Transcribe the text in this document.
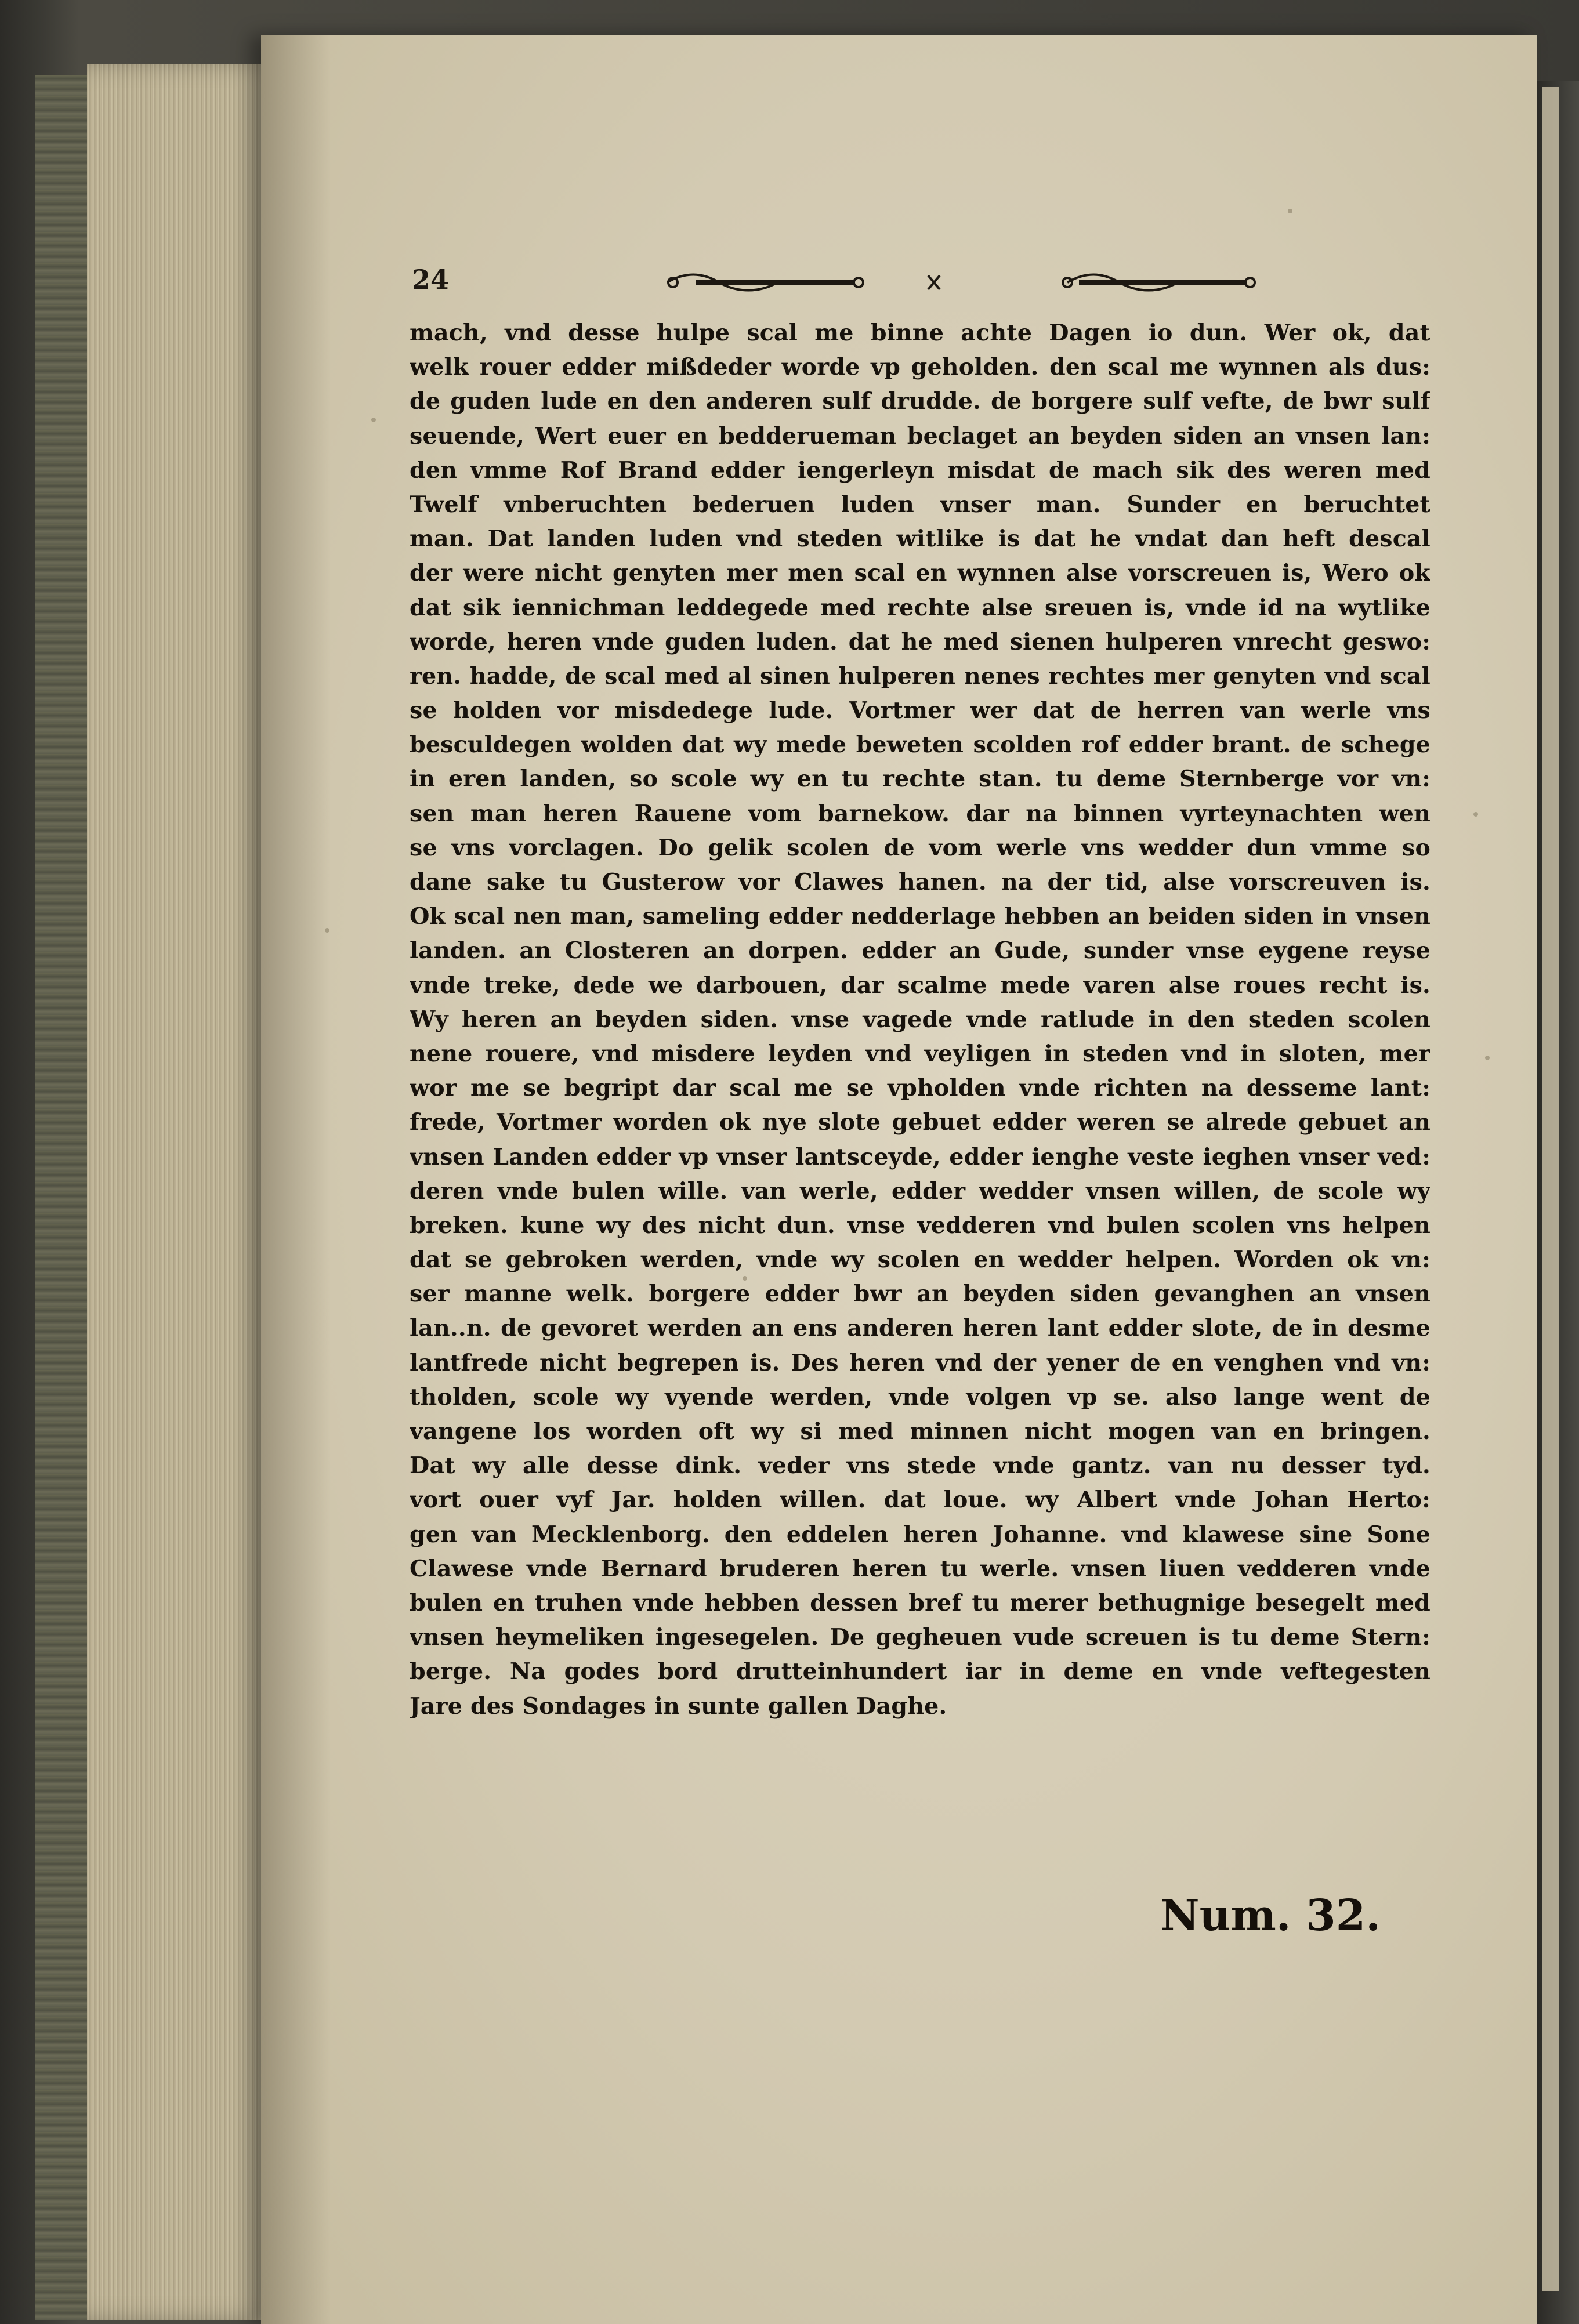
24
mach, vnd desse hulpe scal me binne achte Dagen io dun. Wer ok, dat
welk rouer edder mißdeder worde vp geholden. den scal me wynnen als dus:
de guden lude en den anderen sulf drudde. de borgere sulf vefte, de bwr sulf
seuende, Wert euer en bedderueman beclaget an beyden siden an vnsen lan:
den vmme Rof Brand edder iengerleyn misdat de mach sik des weren med
Twelf vnberuchten bederuen luden vnser man. Sunder en beruchtet
man. Dat landen luden vnd steden witlike is dat he vndat dan heft descal
der were nicht genyten mer men scal en wynnen alse vorscreuen is, Wero ok
dat sik iennichman leddegede med rechte alse sreuen is, vnde id na wytlike
worde, heren vnde guden luden. dat he med sienen hulperen vnrecht geswo:
ren. hadde, de scal med al sinen hulperen nenes rechtes mer genyten vnd scal
se holden vor misdedege lude. Vortmer wer dat de herren van werle vns
besculdegen wolden dat wy mede beweten scolden rof edder brant. de schege
in eren landen, so scole wy en tu rechte stan. tu deme Sternberge vor vn:
sen man heren Rauene vom barnekow. dar na binnen vyrteynachten wen
se vns vorclagen. Do gelik scolen de vom werle vns wedder dun vmme so
dane sake tu Gusterow vor Clawes hanen. na der tid, alse vorscreuven is.
Ok scal nen man, sameling edder nedderlage hebben an beiden siden in vnsen
landen. an Closteren an dorpen. edder an Gude, sunder vnse eygene reyse
vnde treke, dede we darbouen, dar scalme mede varen alse roues recht is.
Wy heren an beyden siden. vnse vagede vnde ratlude in den steden scolen
nene rouere, vnd misdere leyden vnd veyligen in steden vnd in sloten, mer
wor me se begript dar scal me se vpholden vnde richten na desseme lant:
frede, Vortmer worden ok nye slote gebuet edder weren se alrede gebuet an
vnsen Landen edder vp vnser lantsceyde, edder ienghe veste ieghen vnser ved:
deren vnde bulen wille. van werle, edder wedder vnsen willen, de scole wy
breken. kune wy des nicht dun. vnse vedderen vnd bulen scolen vns helpen
dat se gebroken werden, vnde wy scolen en wedder helpen. Worden ok vn:
ser manne welk. borgere edder bwr an beyden siden gevanghen an vnsen
lan..n. de gevoret werden an ens anderen heren lant edder slote, de in desme
lantfrede nicht begrepen is. Des heren vnd der yener de en venghen vnd vn:
tholden, scole wy vyende werden, vnde volgen vp se. also lange went de
vangene los worden oft wy si med minnen nicht mogen van en bringen.
Dat wy alle desse dink. veder vns stede vnde gantz. van nu desser tyd.
vort ouer vyf Jar. holden willen. dat loue. wy Albert vnde Johan Herto:
gen van Mecklenborg. den eddelen heren Johanne. vnd klawese sine Sone
Clawese vnde Bernard bruderen heren tu werle. vnsen liuen vedderen vnde
bulen en truhen vnde hebben dessen bref tu merer bethugnige besegelt med
vnsen heymeliken ingesegelen. De gegheuen vude screuen is tu deme Stern:
berge. Na godes bord drutteinhundert iar in deme en vnde veftegesten
Jare des Sondages in sunte gallen Daghe.
Num. 32.
